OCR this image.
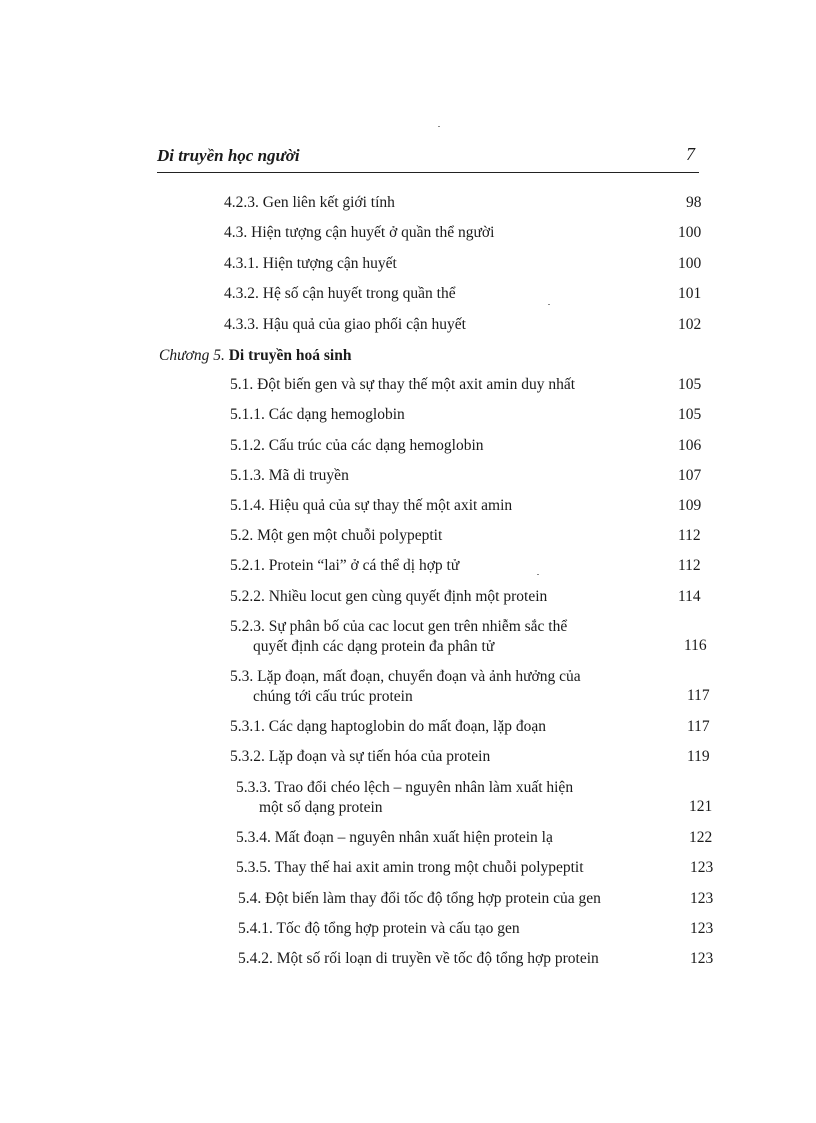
Di truyền học người	7
4.2.3. Gen liên kết giới tính	98
4.3. Hiện tượng cận huyết ở quần thể người	100
4.3.1. Hiện tượng cận huyết	100
4.3.2. Hệ số cận huyết trong quần thể	101
4.3.3. Hậu quả của giao phối cận huyết	102
Chương 5. Di truyền hoá sinh
5.1. Đột biến gen và sự thay thế một axit amin duy nhất	105
5.1.1. Các dạng hemoglobin	105
5.1.2. Cấu trúc của các dạng hemoglobin	106
5.1.3. Mã di truyền	107
5.1.4. Hiệu quả của sự thay thế một axit amin	109
5.2. Một gen một chuỗi polypeptit	112
5.2.1. Protein “lai” ở cá thể dị hợp tử	112
5.2.2. Nhiều locut gen cùng quyết định một protein	114
5.2.3. Sự phân bố của cac locut gen trên nhiễm sắc thể
quyết định các dạng protein đa phân tử	116
5.3. Lặp đoạn, mất đoạn, chuyển đoạn và ảnh hưởng của
chúng tới cấu trúc protein	117
5.3.1. Các dạng haptoglobin do mất đoạn, lặp đoạn	117
5.3.2. Lặp đoạn và sự tiến hóa của protein	119
5.3.3. Trao đổi chéo lệch – nguyên nhân làm xuất hiện
một số dạng protein	121
5.3.4. Mất đoạn – nguyên nhân xuất hiện protein lạ	122
5.3.5. Thay thế hai axit amin trong một chuỗi polypeptit	123
5.4. Đột biến làm thay đổi tốc độ tổng hợp protein của gen	123
5.4.1. Tốc độ tổng hợp protein và cấu tạo gen	123
5.4.2. Một số rối loạn di truyền về tốc độ tổng hợp protein	123
